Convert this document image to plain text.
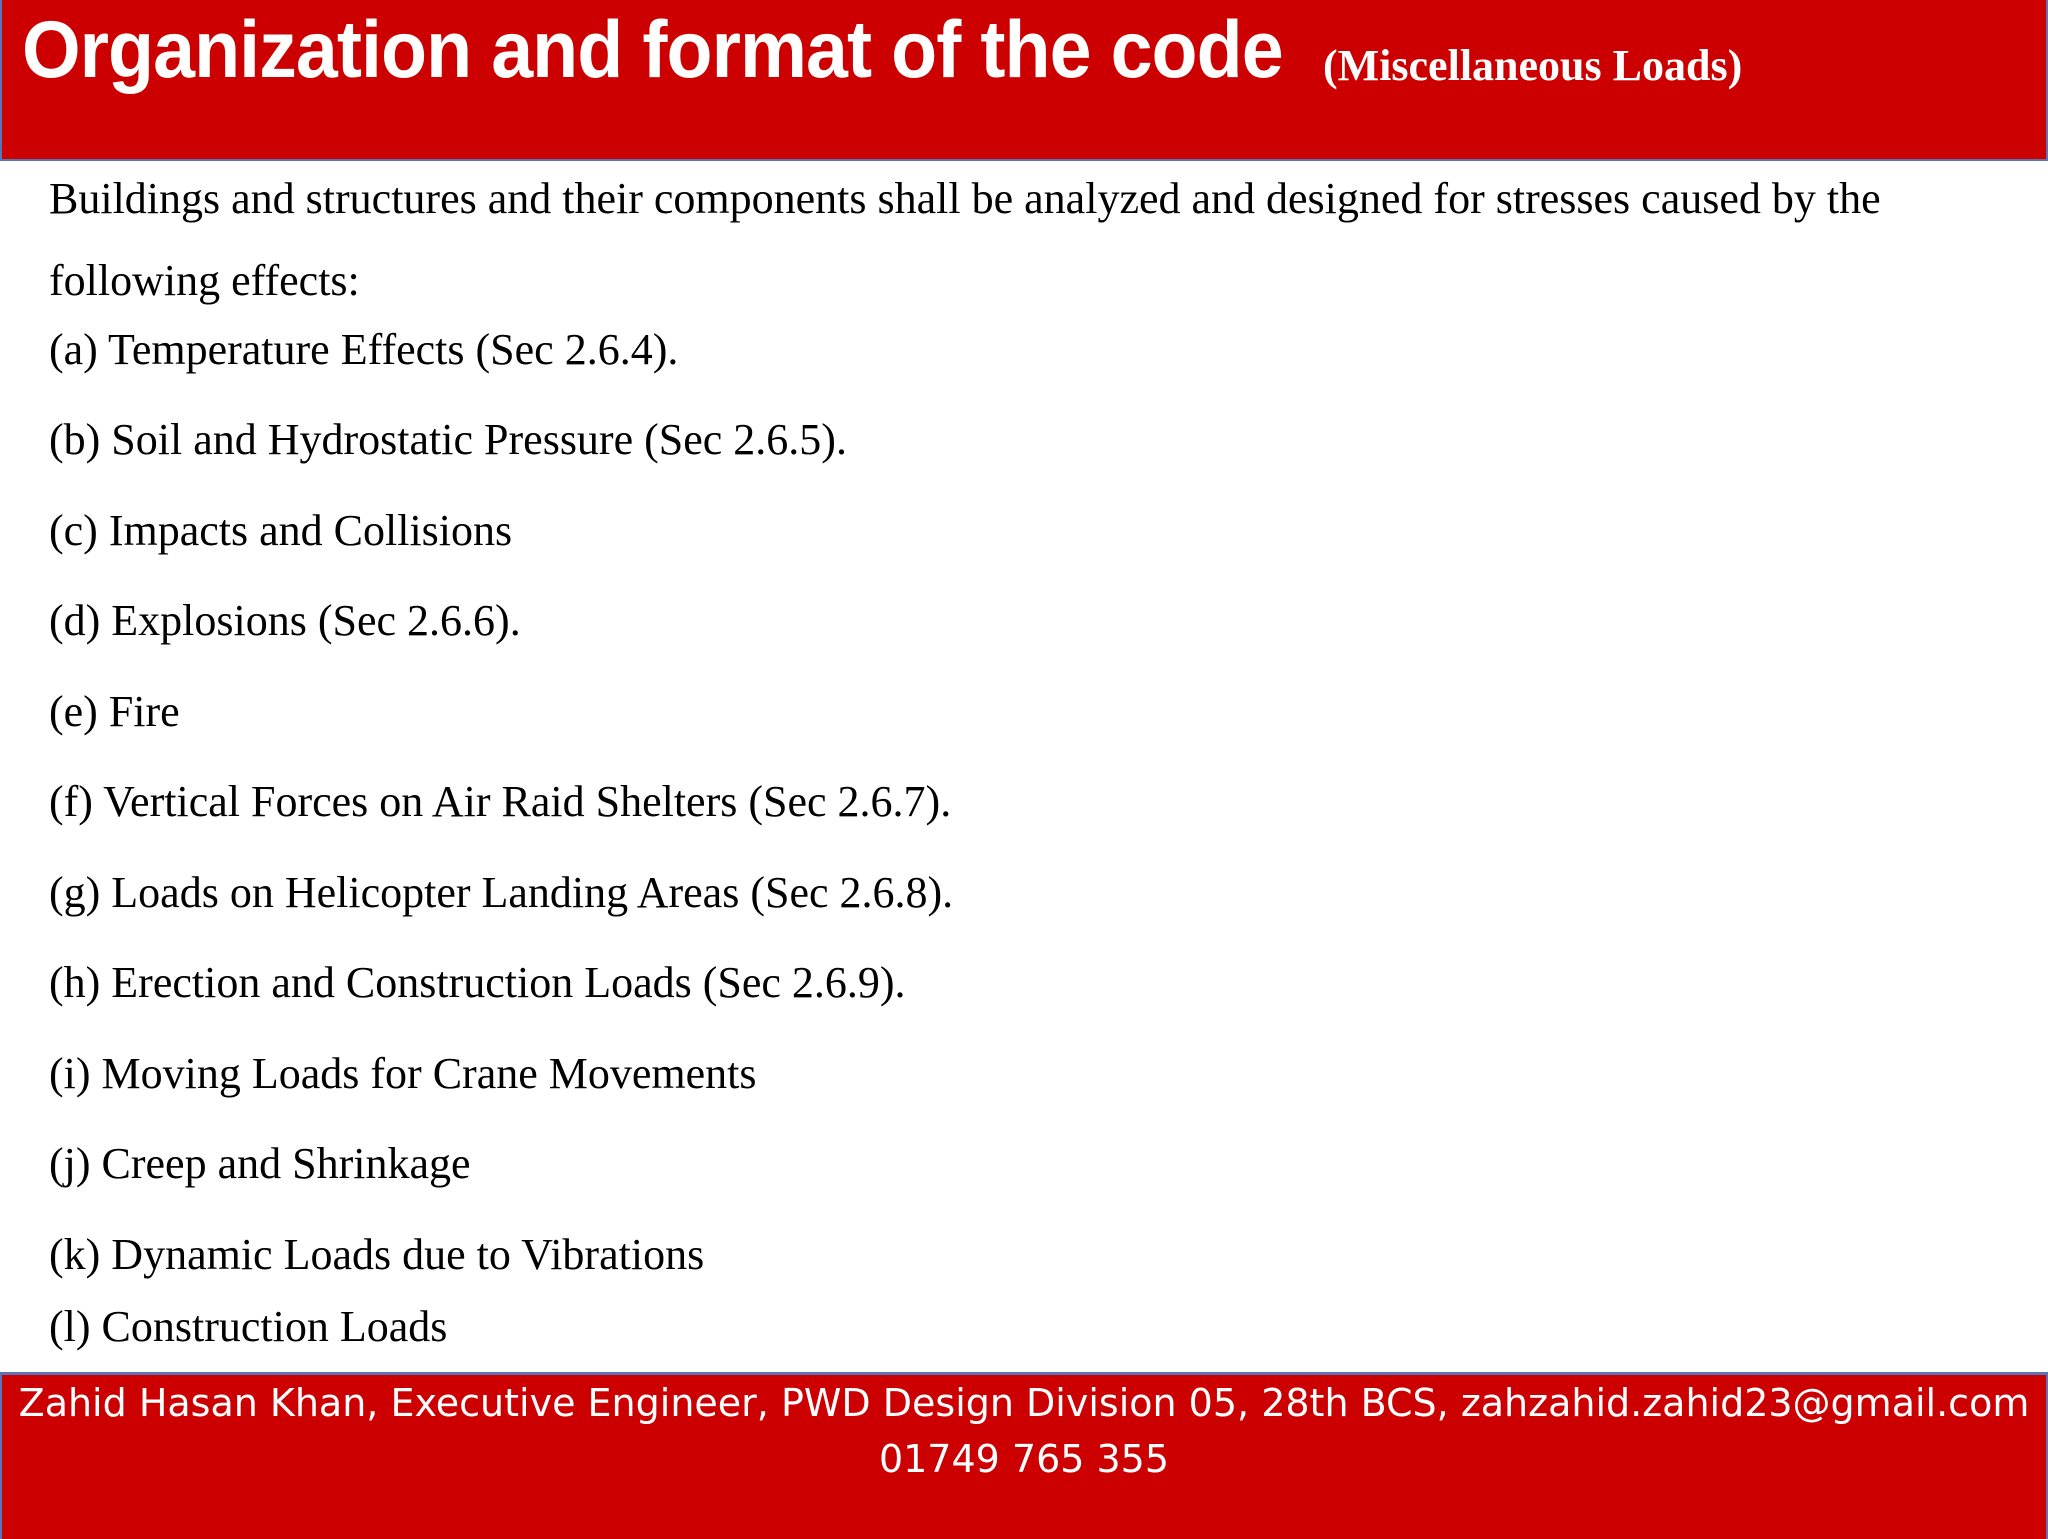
Organization and format of the code (Miscellaneous Loads)

Buildings and structures and their components shall be analyzed and designed for stresses caused by the following effects:

(a) Temperature Effects (Sec 2.6.4).
(b) Soil and Hydrostatic Pressure (Sec 2.6.5).
(c) Impacts and Collisions
(d) Explosions (Sec 2.6.6).
(e) Fire
(f) Vertical Forces on Air Raid Shelters (Sec 2.6.7).
(g) Loads on Helicopter Landing Areas (Sec 2.6.8).
(h) Erection and Construction Loads (Sec 2.6.9).
(i) Moving Loads for Crane Movements
(j) Creep and Shrinkage
(k) Dynamic Loads due to Vibrations
(l) Construction Loads
Zahid Hasan Khan, Executive Engineer, PWD Design Division 05, 28th BCS, zahzahid.zahid23@gmail.com
01749 765 355
